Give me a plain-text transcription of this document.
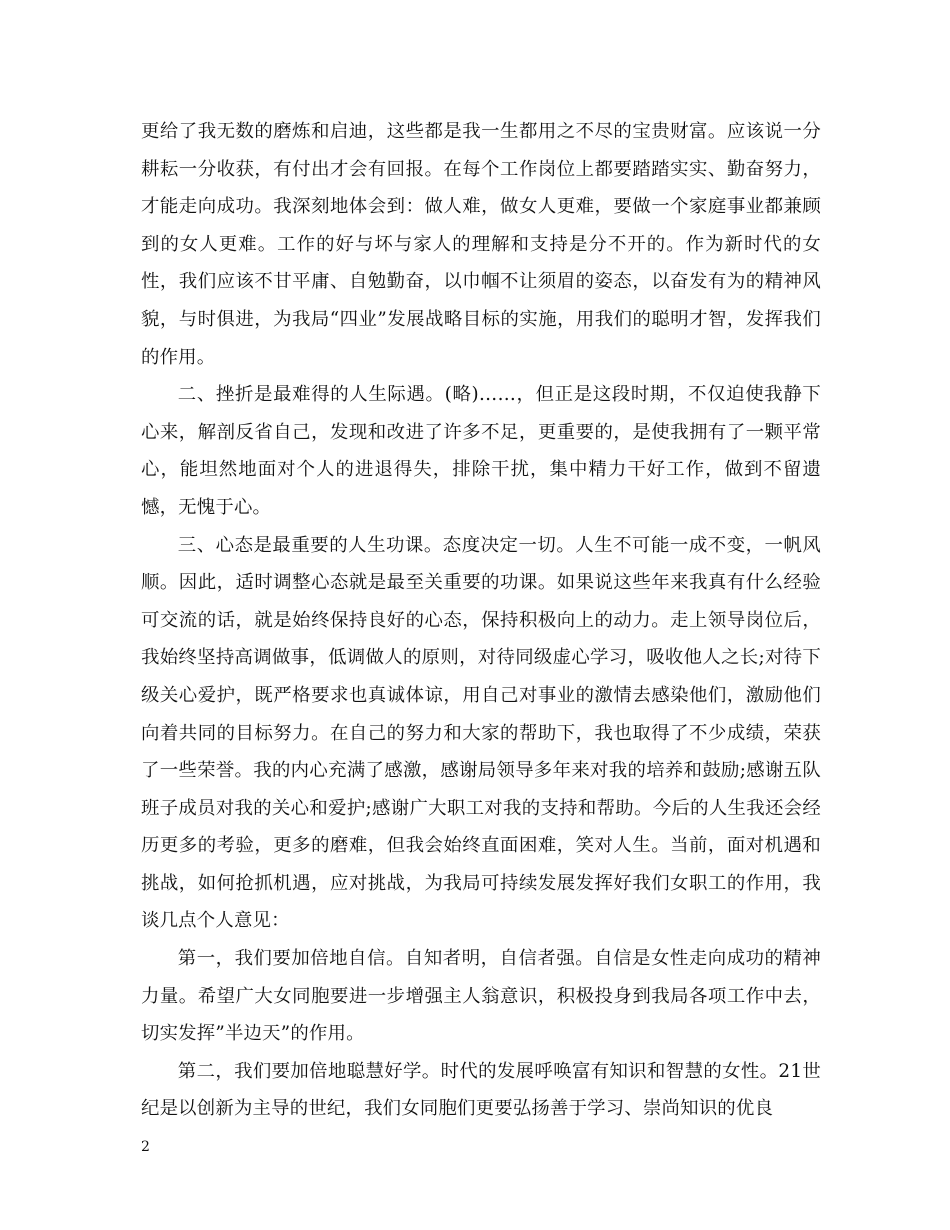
更给了我无数的磨炼和启迪，这些都是我一生都用之不尽的宝贵财富。应该说一分耕耘一分收获，有付出才会有回报。在每个工作岗位上都要踏踏实实、勤奋努力，才能走向成功。我深刻地体会到：做人难，做女人更难，要做一个家庭事业都兼顾到的女人更难。工作的好与坏与家人的理解和支持是分不开的。作为新时代的女性，我们应该不甘平庸、自勉勤奋，以巾帼不让须眉的姿态，以奋发有为的精神风貌，与时俱进，为我局“四业”发展战略目标的实施，用我们的聪明才智，发挥我们的作用。

二、挫折是最难得的人生际遇。(略)……，但正是这段时期，不仅迫使我静下心来，解剖反省自己，发现和改进了许多不足，更重要的，是使我拥有了一颗平常心，能坦然地面对个人的进退得失，排除干扰，集中精力干好工作，做到不留遗憾，无愧于心。

三、心态是最重要的人生功课。态度决定一切。人生不可能一成不变，一帆风顺。因此，适时调整心态就是最至关重要的功课。如果说这些年来我真有什么经验可交流的话，就是始终保持良好的心态，保持积极向上的动力。走上领导岗位后，我始终坚持高调做事，低调做人的原则，对待同级虚心学习，吸收他人之长;对待下级关心爱护，既严格要求也真诚体谅，用自己对事业的激情去感染他们，激励他们向着共同的目标努力。在自己的努力和大家的帮助下，我也取得了不少成绩，荣获了一些荣誉。我的内心充满了感激，感谢局领导多年来对我的培养和鼓励;感谢五队班子成员对我的关心和爱护;感谢广大职工对我的支持和帮助。今后的人生我还会经历更多的考验，更多的磨难，但我会始终直面困难，笑对人生。当前，面对机遇和挑战，如何抢抓机遇，应对挑战，为我局可持续发展发挥好我们女职工的作用，我谈几点个人意见：

第一，我们要加倍地自信。自知者明，自信者强。自信是女性走向成功的精神力量。希望广大女同胞要进一步增强主人翁意识，积极投身到我局各项工作中去，切实发挥”半边天”的作用。

第二，我们要加倍地聪慧好学。时代的发展呼唤富有知识和智慧的女性。21世纪是以创新为主导的世纪，我们女同胞们更要弘扬善于学习、崇尚知识的优良

2
